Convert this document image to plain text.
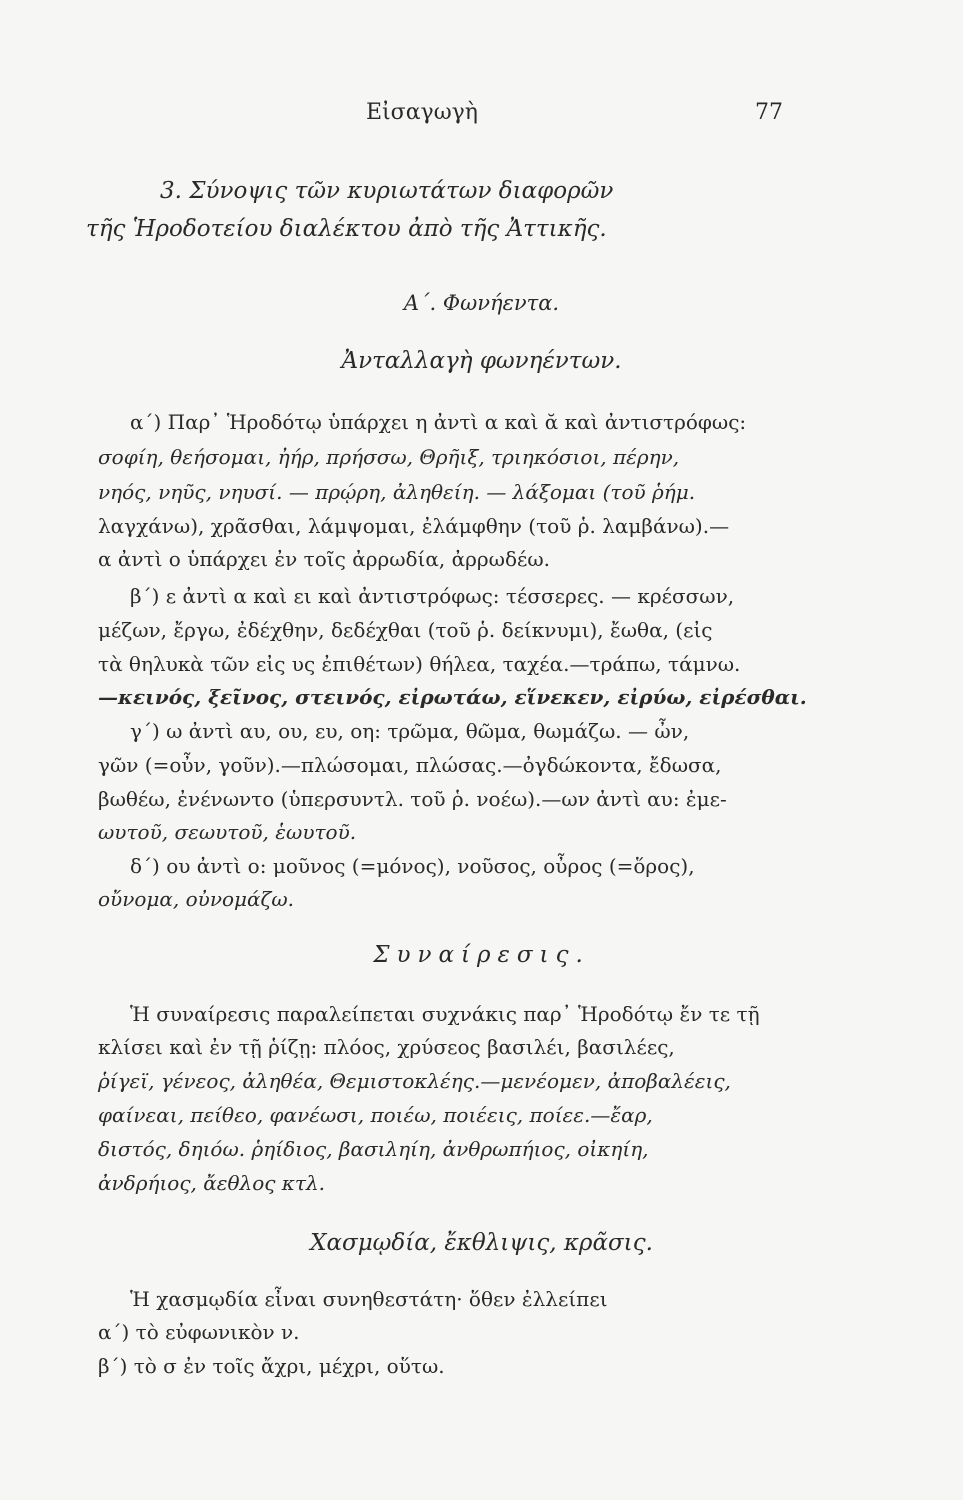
Εἰσαγωγὴ	77
3. Σύνοψις τῶν κυριωτάτων διαφορῶν
τῆς Ἡροδοτείου διαλέκτου ἀπὸ τῆς Ἀττικῆς.
Α΄. Φωνήεντα.
Ἀνταλλαγὴ φωνηέντων.
α΄) Παρ᾿ Ἡροδότῳ ὑπάρχει η ἀντὶ α καὶ ᾰ καὶ ἀντιστρόφως:
σοφίη, θεήσομαι, ἠήρ, πρήσσω, Θρῆιξ, τριηκόσιοι, πέρην,
νηός, νηῦς, νηυσί. — πρῴρη, ἀληθείη. — λάξομαι (τοῦ ῥήμ.
λαγχάνω), χρᾶσθαι, λάμψομαι, ἐλάμφθην (τοῦ ῥ. λαμβάνω).—
α ἀντὶ ο ὑπάρχει ἐν τοῖς ἀρρωδία, ἀρρωδέω.
β΄) ε ἀντὶ α καὶ ει καὶ ἀντιστρόφως: τέσσερες. — κρέσσων,
μέζων, ἔργω, ἐδέχθην, δεδέχθαι (τοῦ ῥ. δείκνυμι), ἔωθα, (εἰς
τὰ θηλυκὰ τῶν εἰς υς ἐπιθέτων) θήλεα, ταχέα.—τράπω, τάμνω.
—κεινός, ξεῖνος, στεινός, εἰρωτάω, εἵνεκεν, εἰρύω, εἰρέσθαι.
γ΄) ω ἀντὶ αυ, ου, ευ, οη: τρῶμα, θῶμα, θωμάζω. — ὦν,
γῶν (=οὖν, γοῦν).—πλώσομαι, πλώσας.—ὀγδώκοντα, ἔδωσα,
βωθέω, ἐνένωντο (ὑπερσυντλ. τοῦ ῥ. νοέω).—ων ἀντὶ αυ: ἐμε-
ωυτοῦ, σεωυτοῦ, ἑωυτοῦ.
δ΄) ου ἀντὶ ο: μοῦνος (=μόνος), νοῦσος, οὖρος (=ὅρος),
οὔνομα, οὐνομάζω.
Συναίρεσις.
Ἡ συναίρεσις παραλείπεται συχνάκις παρ᾿ Ἡροδότῳ ἔν τε τῇ
κλίσει καὶ ἐν τῇ ῥίζῃ: πλόος, χρύσεος βασιλέι, βασιλέες,
ῥίγεϊ, γένεος, ἀληθέα, Θεμιστοκλέης.—μενέομεν, ἀποβαλέεις,
φαίνεαι, πείθεο, φανέωσι, ποιέω, ποιέεις, ποίεε.—ἔαρ,
διστός, δηιόω. ῥηίδιος, βασιληίη, ἀνθρωπήιος, οἰκηίη,
ἀνδρήιος, ἄεθλος κτλ.
Χασμῳδία, ἔκθλιψις, κρᾶσις.
Ἡ χασμῳδία εἶναι συνηθεστάτη· ὅθεν ἐλλείπει
α΄) τὸ εὐφωνικὸν ν.
β΄) τὸ σ ἐν τοῖς ἄχρι, μέχρι, οὕτω.
